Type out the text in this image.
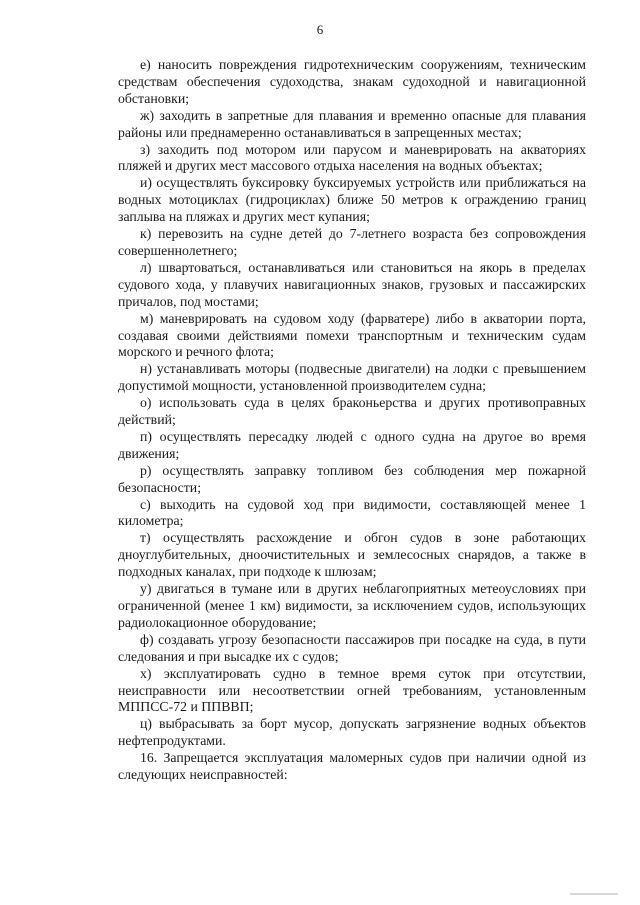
6

е) наносить повреждения гидротехническим сооружениям, техническим средствам обеспечения судоходства, знакам судоходной и навигационной обстановки;

ж) заходить в запретные для плавания и временно опасные для плавания районы или преднамеренно останавливаться в запрещенных местах;

з) заходить под мотором или парусом и маневрировать на акваториях пляжей и других мест массового отдыха населения на водных объектах;

и) осуществлять буксировку буксируемых устройств или приближаться на водных мотоциклах (гидроциклах) ближе 50 метров к ограждению границ заплыва на пляжах и других мест купания;

к) перевозить на судне детей до 7-летнего возраста без сопровождения совершеннолетнего;

л) швартоваться, останавливаться или становиться на якорь в пределах судового хода, у плавучих навигационных знаков, грузовых и пассажирских причалов, под мостами;

м) маневрировать на судовом ходу (фарватере) либо в акватории порта, создавая своими действиями помехи транспортным и техническим судам морского и речного флота;

н) устанавливать моторы (подвесные двигатели) на лодки с превышением допустимой мощности, установленной производителем судна;

о) использовать суда в целях браконьерства и других противоправных действий;

п) осуществлять пересадку людей с одного судна на другое во время движения;

р) осуществлять заправку топливом без соблюдения мер пожарной безопасности;

с) выходить на судовой ход при видимости, составляющей менее 1 километра;

т) осуществлять расхождение и обгон судов в зоне работающих дноуглубительных, дноочистительных и землесосных снарядов, а также в подходных каналах, при подходе к шлюзам;

у) двигаться в тумане или в других неблагоприятных метеоусловиях при ограниченной (менее 1 км) видимости, за исключением судов, использующих радиолокационное оборудование;

ф) создавать угрозу безопасности пассажиров при посадке на суда, в пути следования и при высадке их с судов;

х) эксплуатировать судно в темное время суток при отсутствии, неисправности или несоответствии огней требованиям, установленным МППСС-72 и ППВВП;

ц) выбрасывать за борт мусор, допускать загрязнение водных объектов нефтепродуктами.

16. Запрещается эксплуатация маломерных судов при наличии одной из следующих неисправностей:
